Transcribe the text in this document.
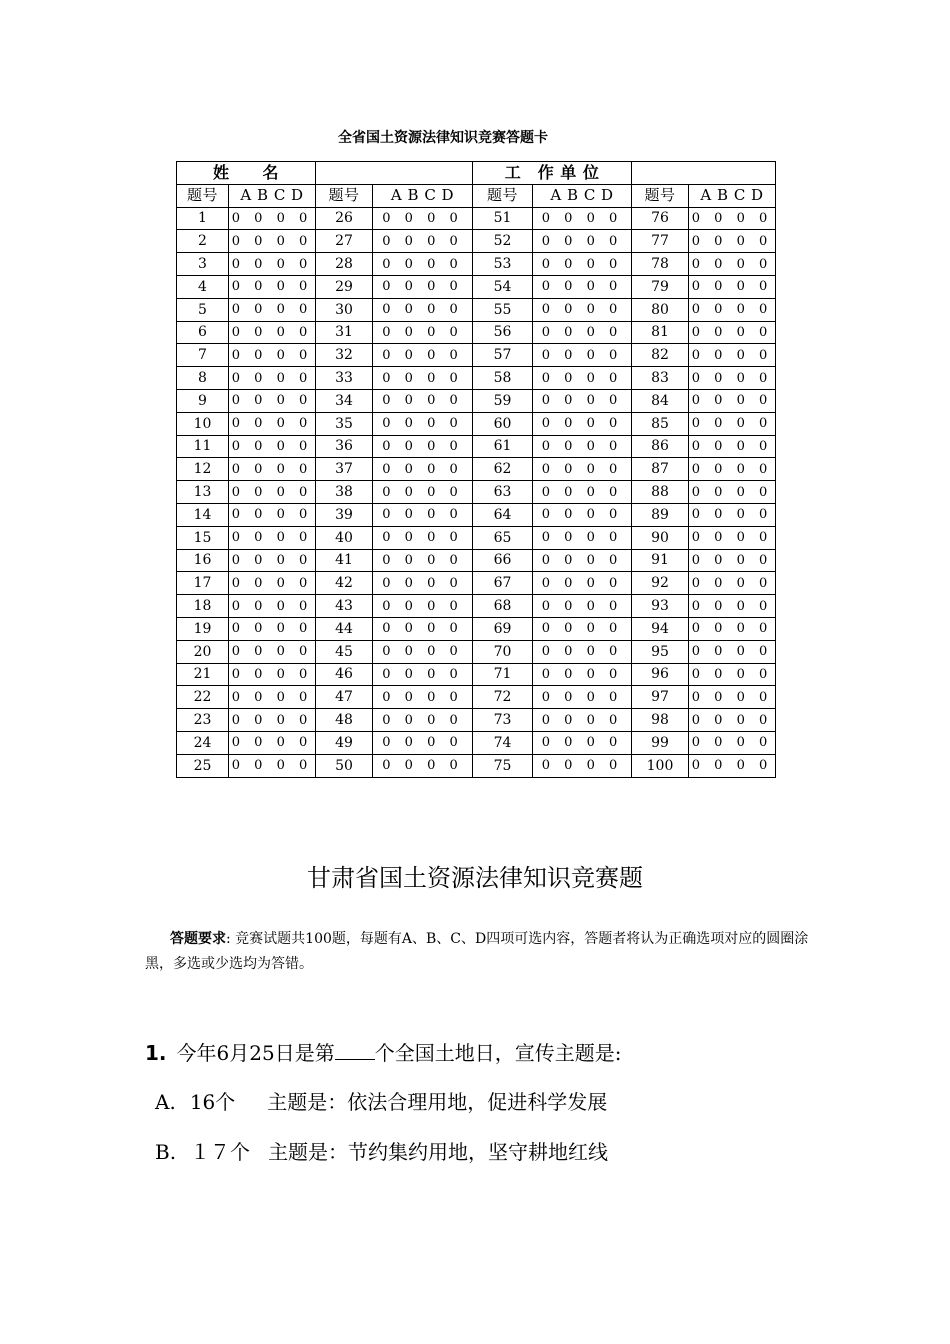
全省国土资源法律知识竞赛答题卡
姓　　名				工　作 单 位			
题号	A B C D	题号	A B C D	题号	A B C D	题号	A B C D
1	0 0 0 0	26	0 0 0 0	51	0 0 0 0	76	0 0 0 0
2	0 0 0 0	27	0 0 0 0	52	0 0 0 0	77	0 0 0 0
3	0 0 0 0	28	0 0 0 0	53	0 0 0 0	78	0 0 0 0
4	0 0 0 0	29	0 0 0 0	54	0 0 0 0	79	0 0 0 0
5	0 0 0 0	30	0 0 0 0	55	0 0 0 0	80	0 0 0 0
6	0 0 0 0	31	0 0 0 0	56	0 0 0 0	81	0 0 0 0
7	0 0 0 0	32	0 0 0 0	57	0 0 0 0	82	0 0 0 0
8	0 0 0 0	33	0 0 0 0	58	0 0 0 0	83	0 0 0 0
9	0 0 0 0	34	0 0 0 0	59	0 0 0 0	84	0 0 0 0
10	0 0 0 0	35	0 0 0 0	60	0 0 0 0	85	0 0 0 0
11	0 0 0 0	36	0 0 0 0	61	0 0 0 0	86	0 0 0 0
12	0 0 0 0	37	0 0 0 0	62	0 0 0 0	87	0 0 0 0
13	0 0 0 0	38	0 0 0 0	63	0 0 0 0	88	0 0 0 0
14	0 0 0 0	39	0 0 0 0	64	0 0 0 0	89	0 0 0 0
15	0 0 0 0	40	0 0 0 0	65	0 0 0 0	90	0 0 0 0
16	0 0 0 0	41	0 0 0 0	66	0 0 0 0	91	0 0 0 0
17	0 0 0 0	42	0 0 0 0	67	0 0 0 0	92	0 0 0 0
18	0 0 0 0	43	0 0 0 0	68	0 0 0 0	93	0 0 0 0
19	0 0 0 0	44	0 0 0 0	69	0 0 0 0	94	0 0 0 0
20	0 0 0 0	45	0 0 0 0	70	0 0 0 0	95	0 0 0 0
21	0 0 0 0	46	0 0 0 0	71	0 0 0 0	96	0 0 0 0
22	0 0 0 0	47	0 0 0 0	72	0 0 0 0	97	0 0 0 0
23	0 0 0 0	48	0 0 0 0	73	0 0 0 0	98	0 0 0 0
24	0 0 0 0	49	0 0 0 0	74	0 0 0 0	99	0 0 0 0
25	0 0 0 0	50	0 0 0 0	75	0 0 0 0	100	0 0 0 0
甘肃省国土资源法律知识竞赛题
答题要求: 竞赛试题共100题，每题有A、B、C、D四项可选内容，答题者将认为正确选项对应的圆圈涂黑，多选或少选均为答错。
1. 今年6月25日是第 个全国土地日，宣传主题是:
A. 16个 主题是：依法合理用地，促进科学发展
B. １７个 主题是：节约集约用地，坚守耕地红线
